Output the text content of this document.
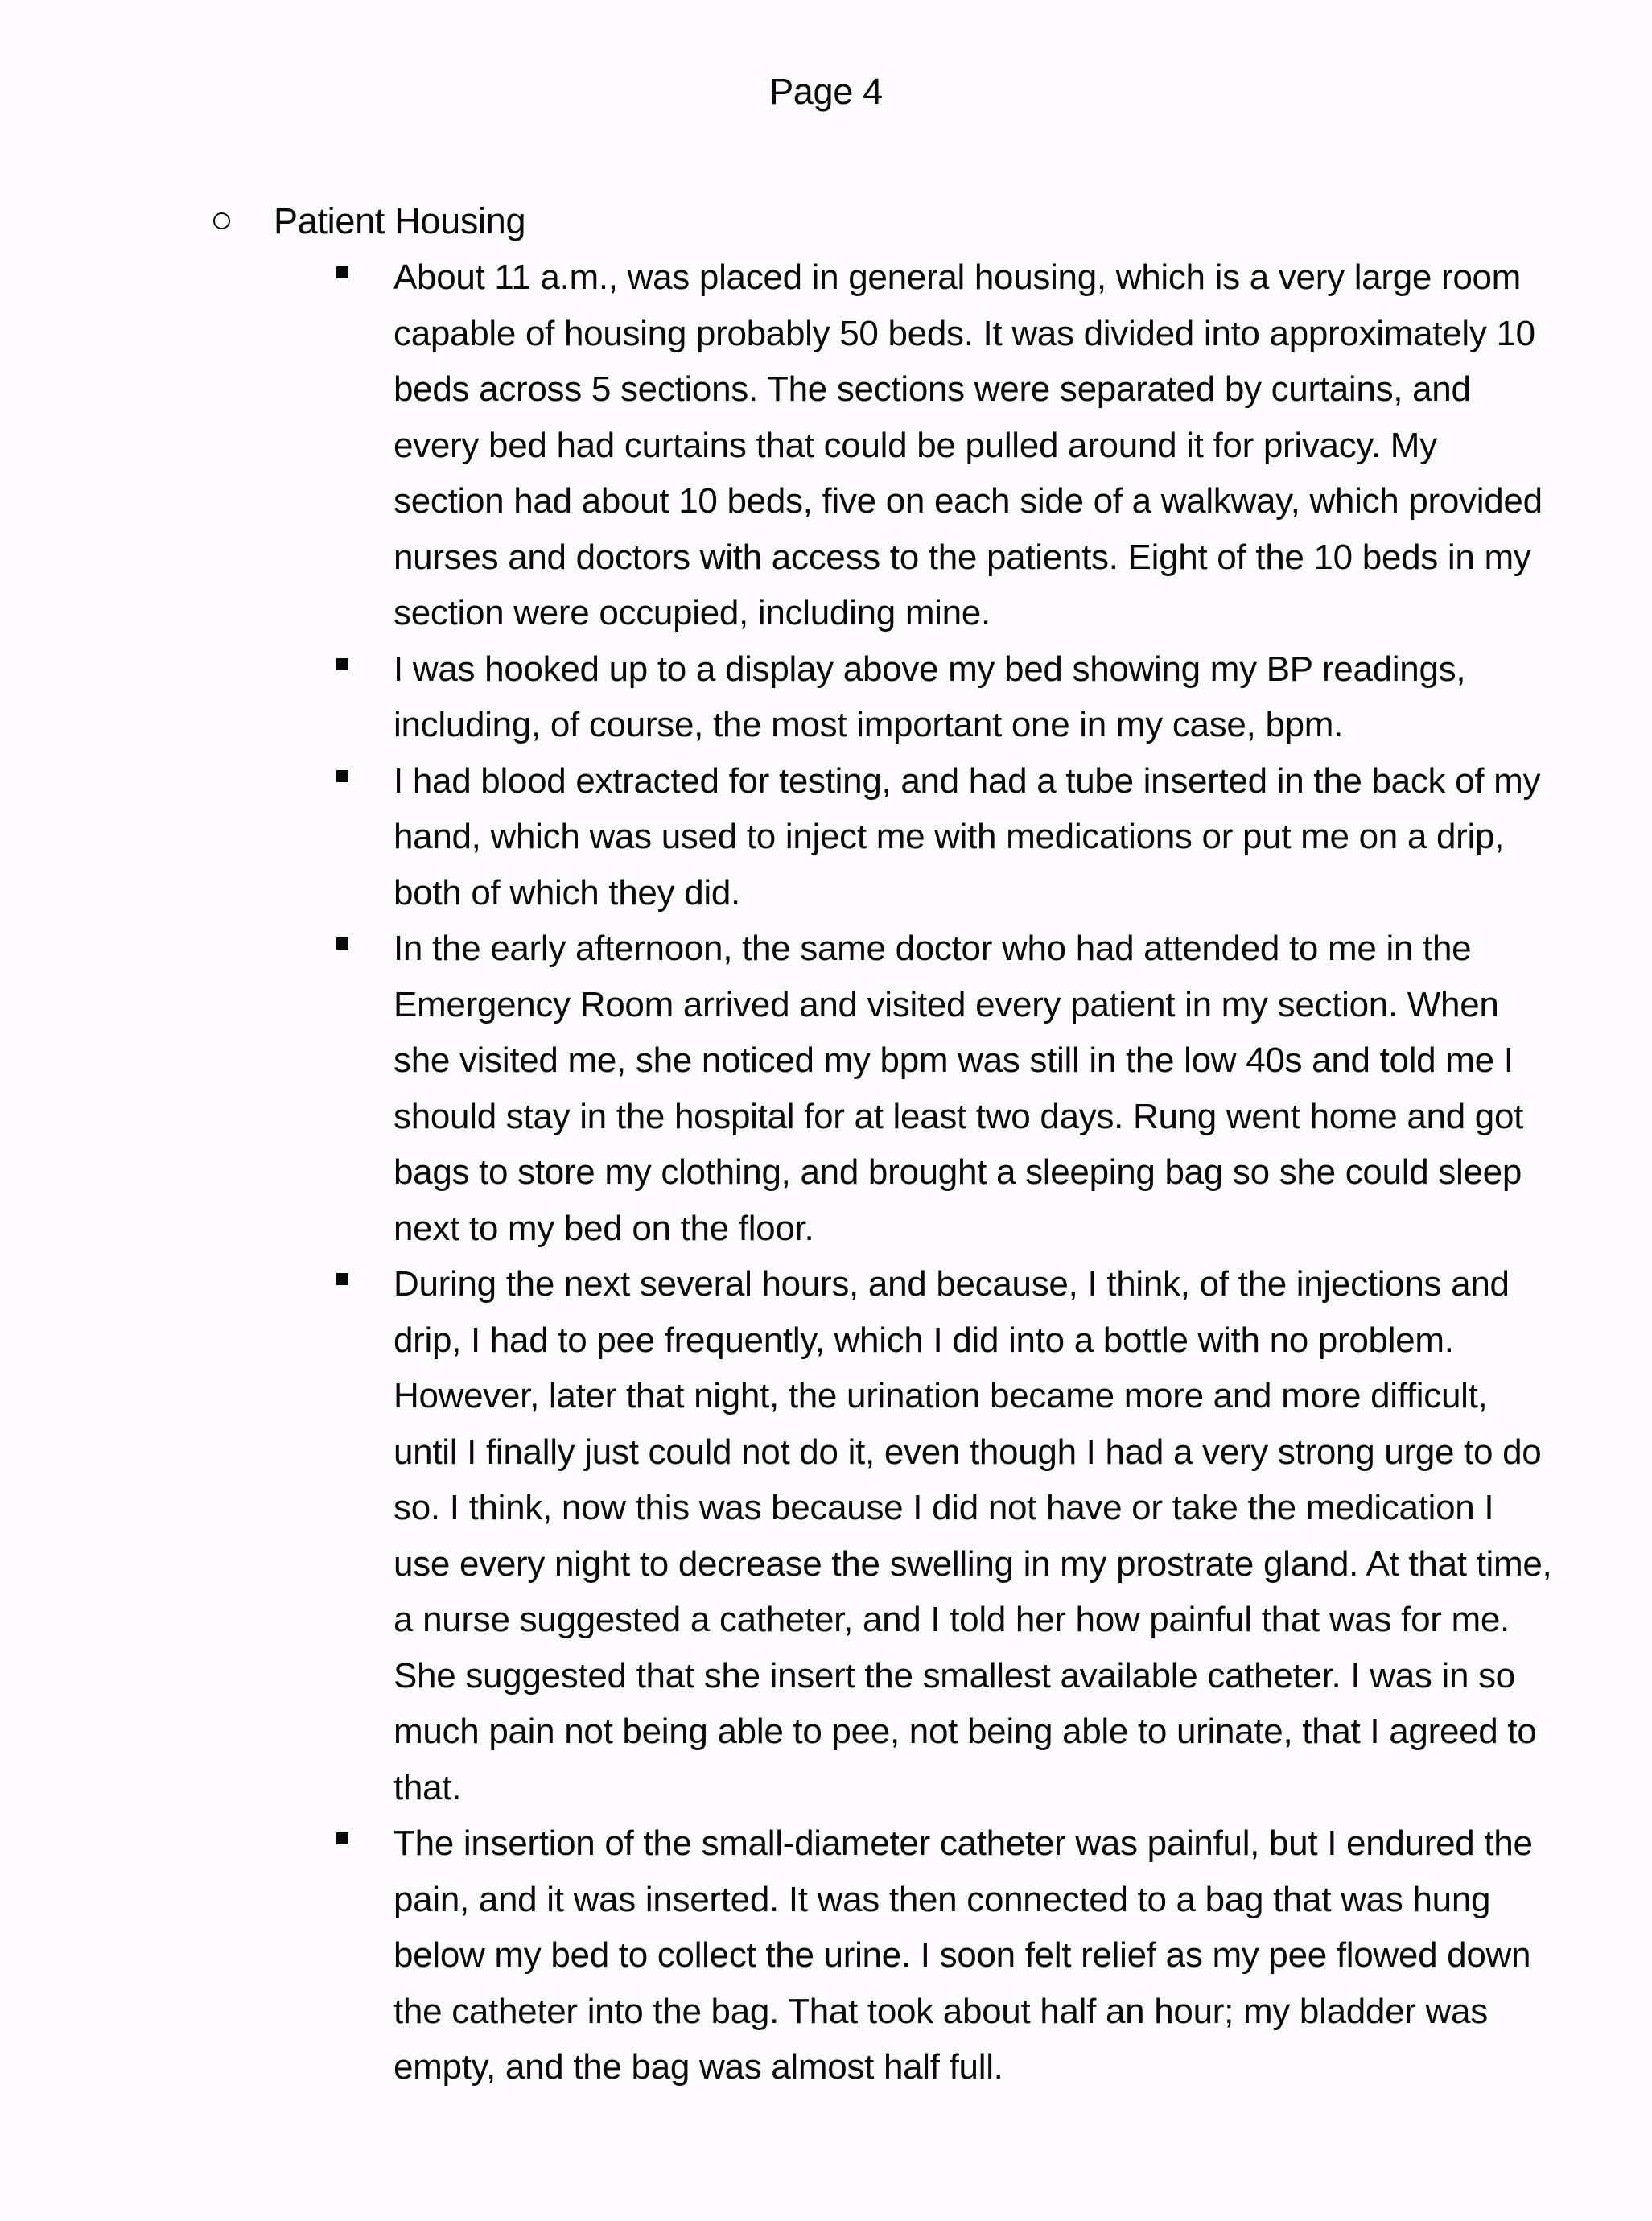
Page 4
Patient Housing
About 11 a.m., was placed in general housing, which is a very large room capable of housing probably 50 beds. It was divided into approximately 10 beds across 5 sections. The sections were separated by curtains, and every bed had curtains that could be pulled around it for privacy. My section had about 10 beds, five on each side of a walkway, which provided nurses and doctors with access to the patients. Eight of the 10 beds in my section were occupied, including mine.
I was hooked up to a display above my bed showing my BP readings, including, of course, the most important one in my case, bpm.
I had blood extracted for testing, and had a tube inserted in the back of my hand, which was used to inject me with medications or put me on a drip, both of which they did.
In the early afternoon, the same doctor who had attended to me in the Emergency Room arrived and visited every patient in my section. When she visited me, she noticed my bpm was still in the low 40s and told me I should stay in the hospital for at least two days. Rung went home and got bags to store my clothing, and brought a sleeping bag so she could sleep next to my bed on the floor.
During the next several hours, and because, I think, of the injections and drip, I had to pee frequently, which I did into a bottle with no problem. However, later that night, the urination became more and more difficult, until I finally just could not do it, even though I had a very strong urge to do so. I think, now this was because I did not have or take the medication I use every night to decrease the swelling in my prostrate gland. At that time, a nurse suggested a catheter, and I told her how painful that was for me. She suggested that she insert the smallest available catheter. I was in so much pain not being able to pee, not being able to urinate, that I agreed to that.
The insertion of the small-diameter catheter was painful, but I endured the pain, and it was inserted. It was then connected to a bag that was hung below my bed to collect the urine. I soon felt relief as my pee flowed down the catheter into the bag. That took about half an hour; my bladder was empty, and the bag was almost half full.
